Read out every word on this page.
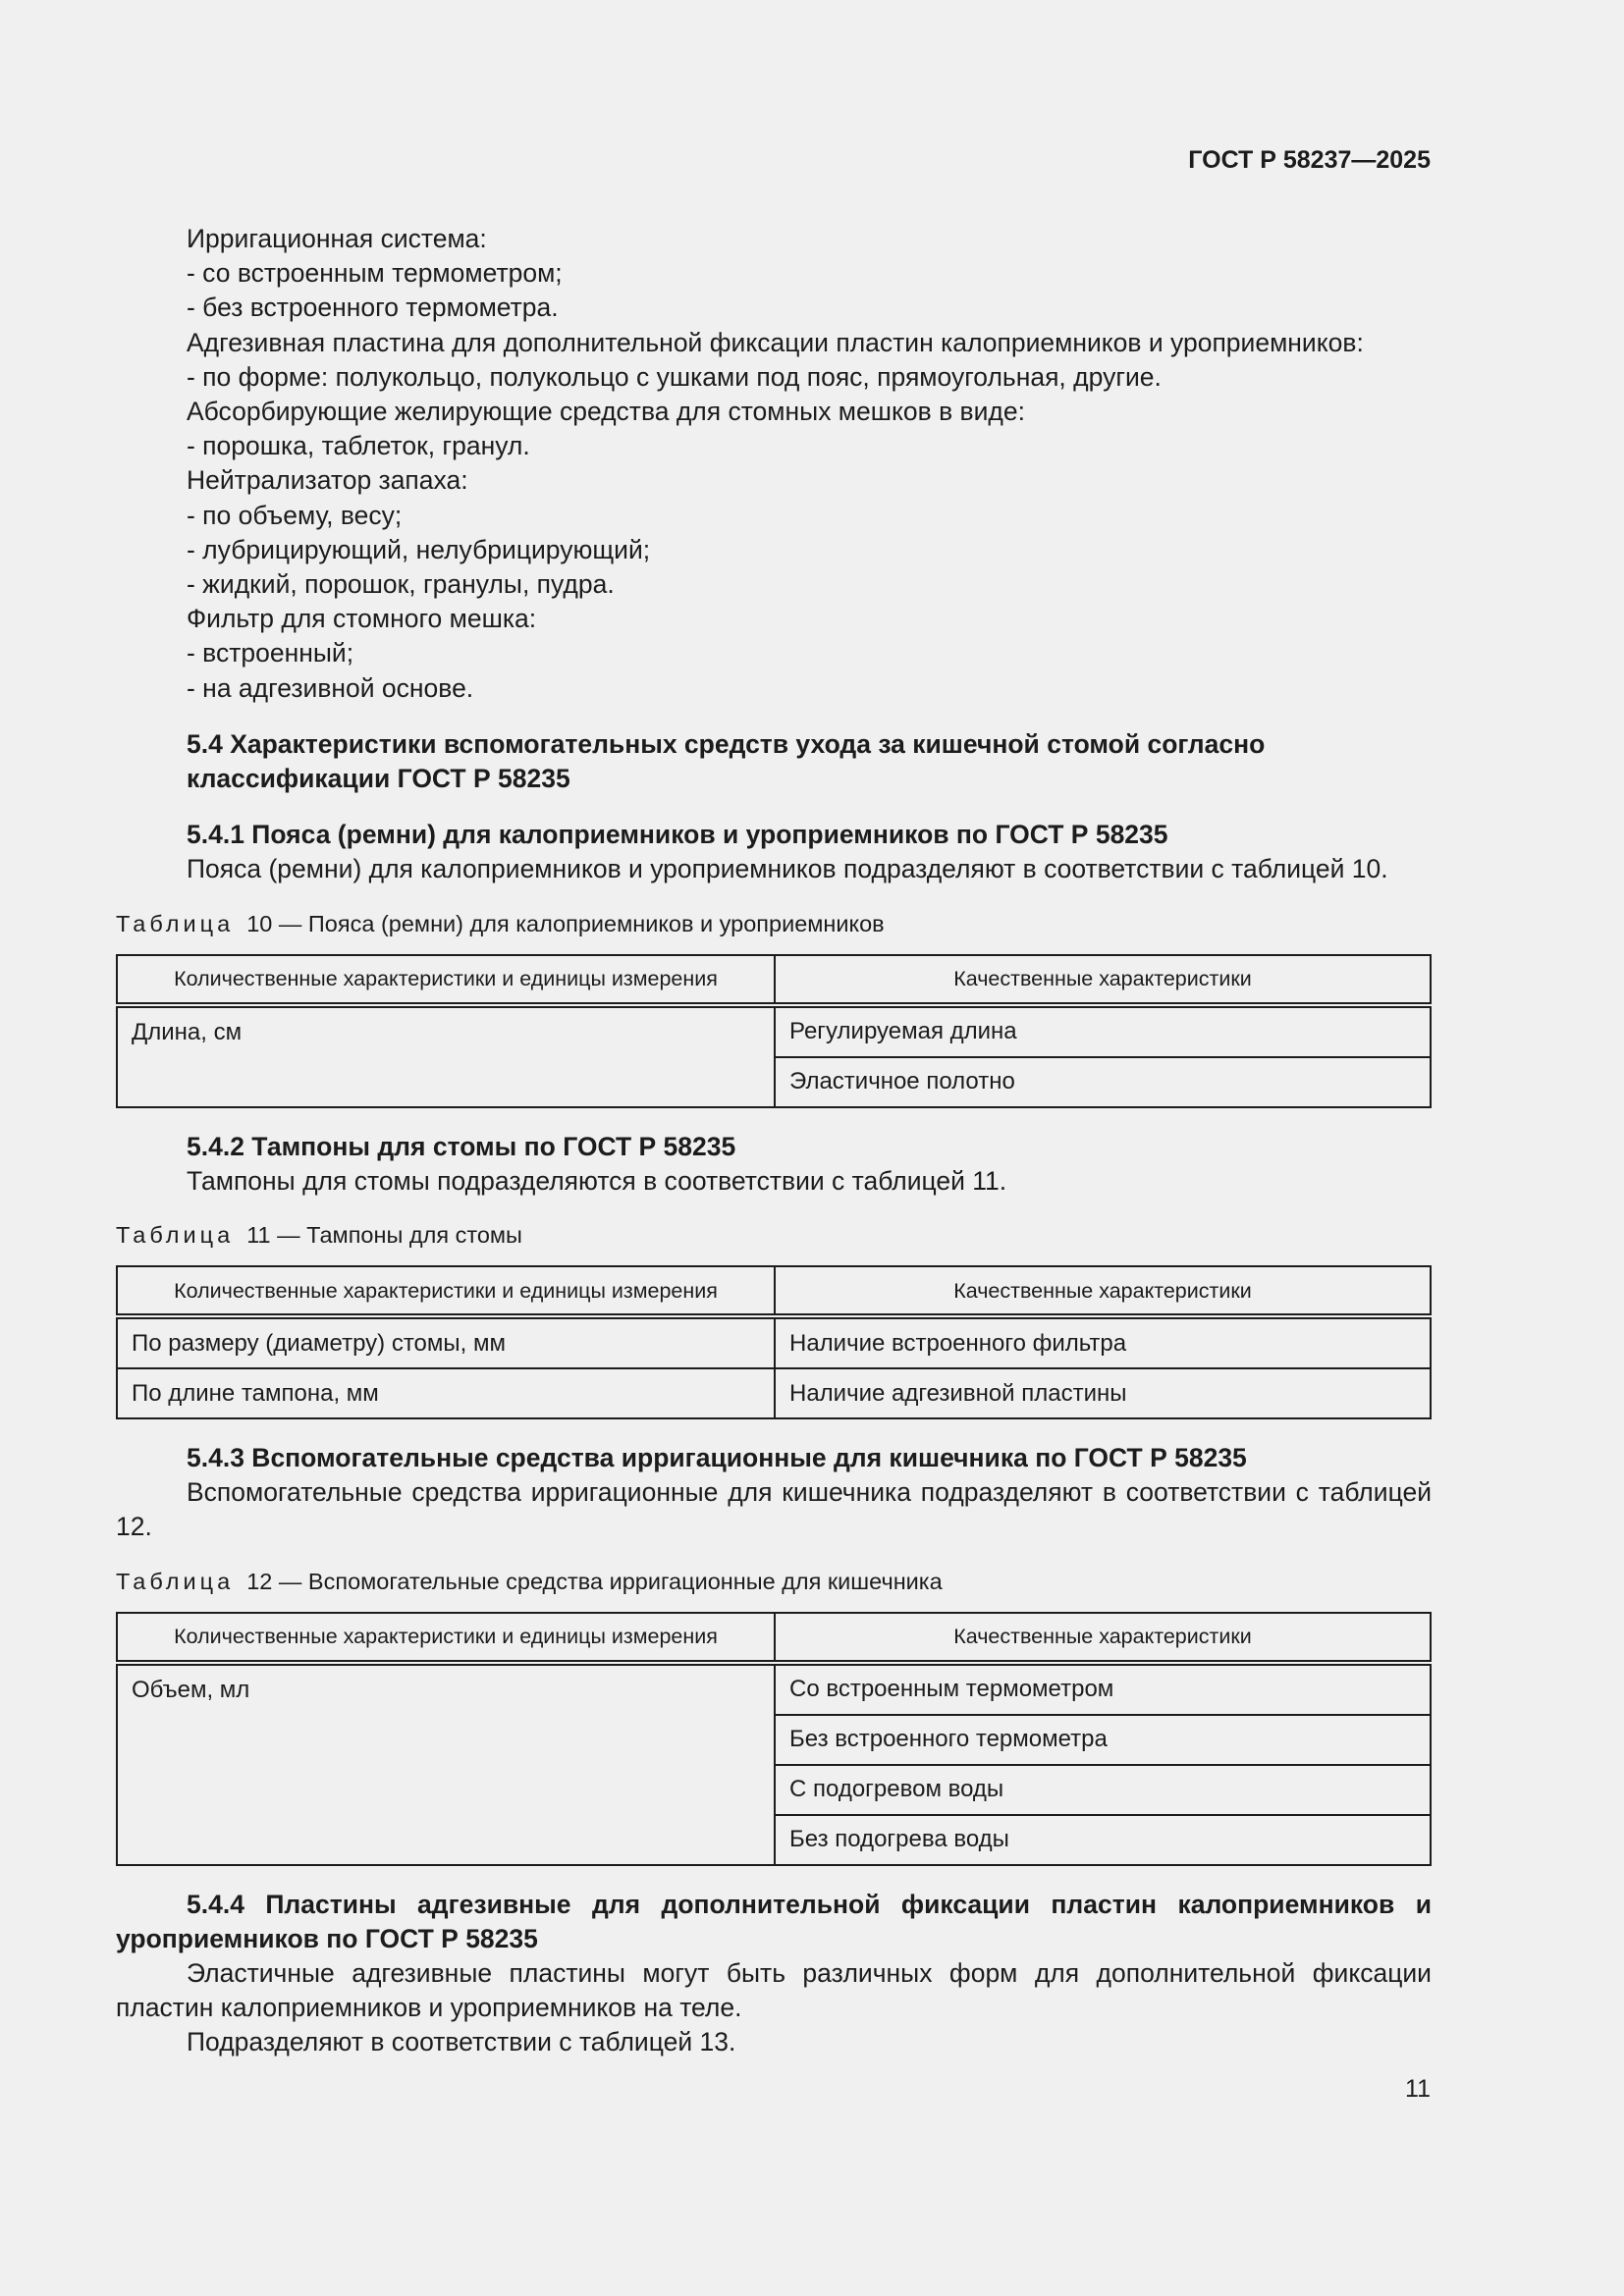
ГОСТ Р 58237—2025

Ирригационная система:

- со встроенным термометром;

- без встроенного термометра.

Адгезивная пластина для дополнительной фиксации пластин калоприемников и уроприемников:

- по форме: полукольцо, полукольцо с ушками под пояс, прямоугольная, другие.

Абсорбирующие желирующие средства для стомных мешков в виде:

- порошка, таблеток, гранул.

Нейтрализатор запаха:

- по объему, весу;

- лубрицирующий, нелубрицирующий;

- жидкий, порошок, гранулы, пудра.

Фильтр для стомного мешка:

- встроенный;

- на адгезивной основе.

5.4 Характеристики вспомогательных средств ухода за кишечной стомой согласно
классификации ГОСТ Р 58235

5.4.1 Пояса (ремни) для калоприемников и уроприемников по ГОСТ Р 58235

Пояса (ремни) для калоприемников и уроприемников подразделяют в соответствии с таблицей 10.

Таблица 10 — Пояса (ремни) для калоприемников и уроприемников

Количественные характеристики и единицы измерения	Качественные характеристики
Длина, см	Регулируемая длина
	Эластичное полотно

5.4.2 Тампоны для стомы по ГОСТ Р 58235

Тампоны для стомы подразделяются в соответствии с таблицей 11.

Таблица 11 — Тампоны для стомы

Количественные характеристики и единицы измерения	Качественные характеристики
По размеру (диаметру) стомы, мм	Наличие встроенного фильтра
По длине тампона, мм	Наличие адгезивной пластины

5.4.3 Вспомогательные средства ирригационные для кишечника по ГОСТ Р 58235

Вспомогательные средства ирригационные для кишечника подразделяют в соответствии с таблицей 12.

Таблица 12 — Вспомогательные средства ирригационные для кишечника

Количественные характеристики и единицы измерения	Качественные характеристики
Объем, мл	Со встроенным термометром
	Без встроенного термометра
	С подогревом воды
	Без подогрева воды

5.4.4 Пластины адгезивные для дополнительной фиксации пластин калоприемников и уроприемников по ГОСТ Р 58235

Эластичные адгезивные пластины могут быть различных форм для дополнительной фиксации пластин калоприемников и уроприемников на теле.

Подразделяют в соответствии с таблицей 13.

11
